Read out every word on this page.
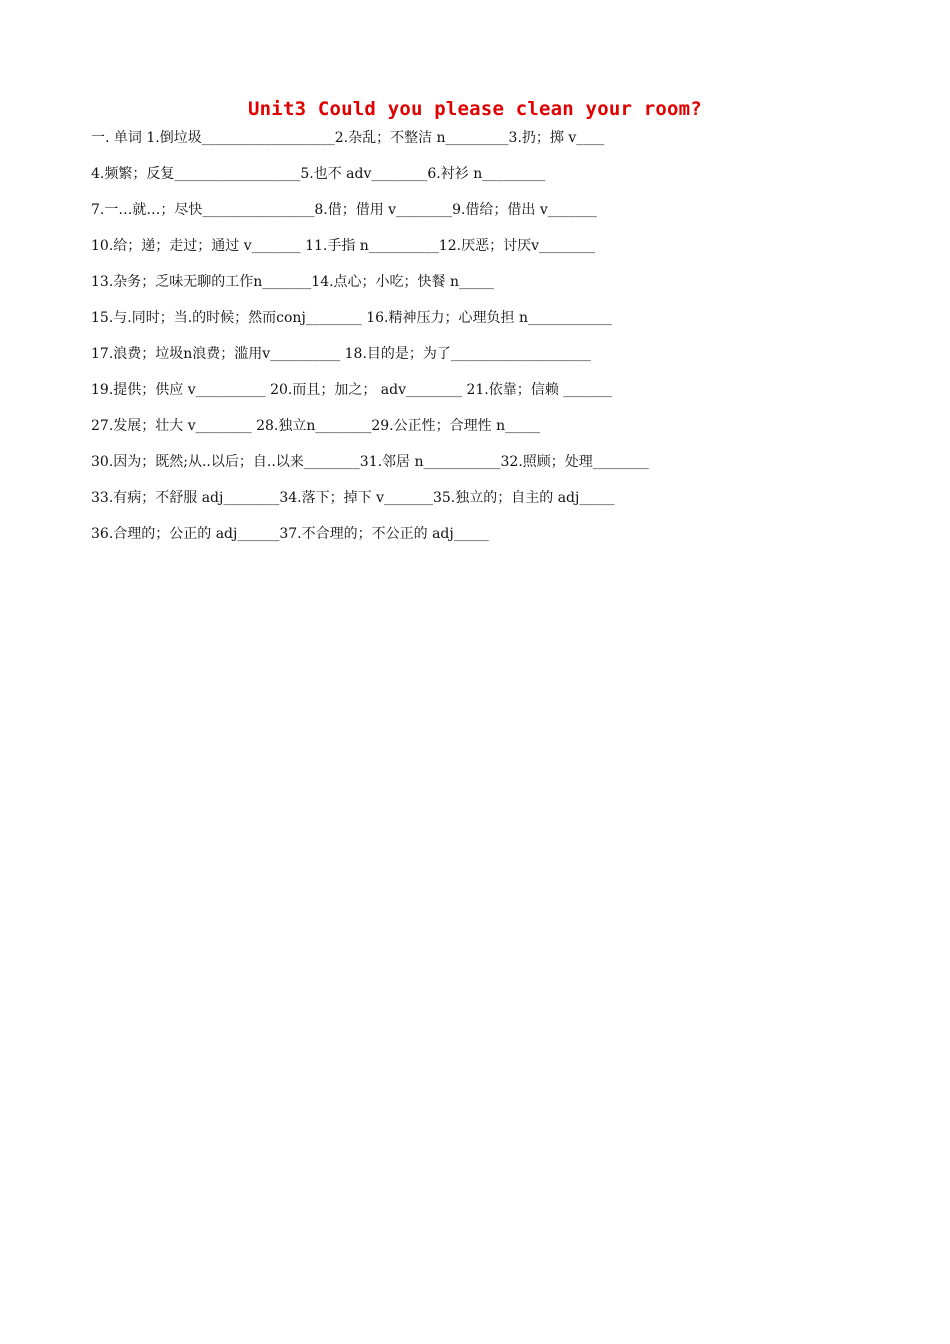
Unit3 Could you please clean your room?
一. 单词 1.倒垃圾___________________2.杂乱；不整洁 n_________3.扔；掷 v____
4.频繁；反复__________________5.也不 adv________6.衬衫 n_________
7.一…就…；尽快________________8.借；借用 v________9.借给；借出 v_______
10.给；递；走过；通过 v_______ 11.手指 n__________12.厌恶；讨厌v________
13.杂务；乏味无聊的工作n_______14.点心；小吃；快餐 n_____
15.与.同时；当.的时候；然而conj________ 16.精神压力；心理负担 n____________
17.浪费；垃圾n浪费；滥用v__________ 18.目的是；为了____________________
19.提供；供应 v__________ 20.而且；加之； adv________ 21.依靠；信赖 _______
27.发展；壮大 v________ 28.独立n________29.公正性；合理性 n_____
30.因为；既然;从..以后；自..以来________31.邻居 n___________32.照顾；处理________
33.有病；不舒服 adj________34.落下；掉下 v_______35.独立的；自主的 adj_____
36.合理的；公正的 adj______37.不合理的；不公正的 adj_____
